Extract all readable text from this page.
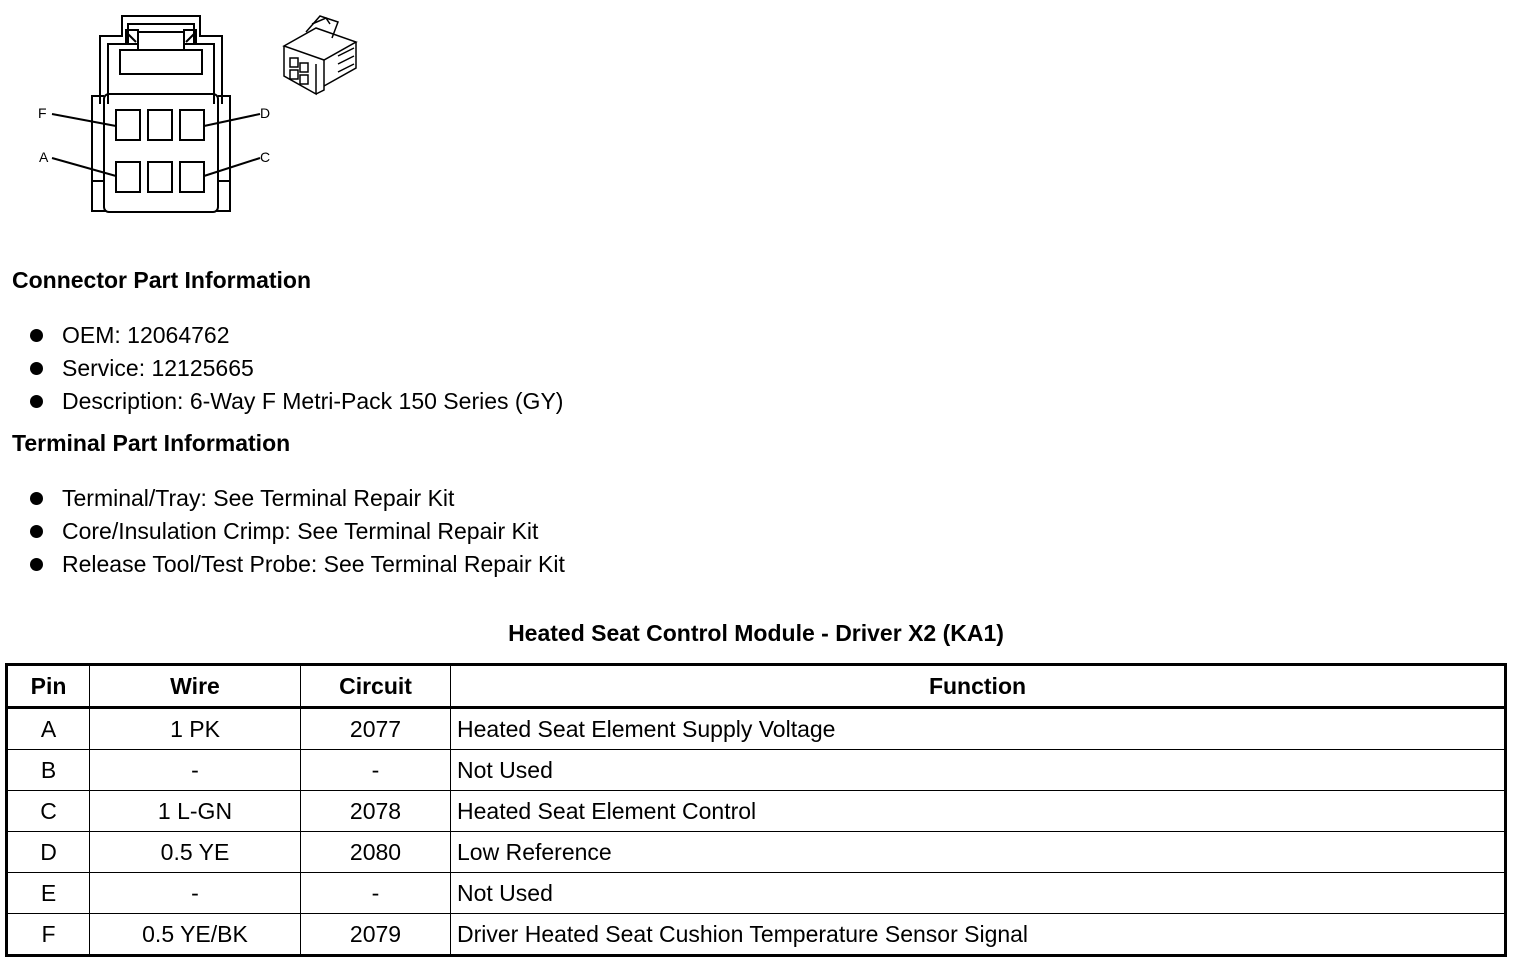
F	D
A	C
Connector Part Information
OEM: 12064762
Service: 12125665
Description: 6-Way F Metri-Pack 150 Series (GY)
Terminal Part Information
Terminal/Tray: See Terminal Repair Kit
Core/Insulation Crimp: See Terminal Repair Kit
Release Tool/Test Probe: See Terminal Repair Kit
Heated Seat Control Module - Driver X2 (KA1)
Pin	Wire	Circuit	Function
A	1 PK	2077	Heated Seat Element Supply Voltage
B	-	-	Not Used
C	1 L-GN	2078	Heated Seat Element Control
D	0.5 YE	2080	Low Reference
E	-	-	Not Used
F	0.5 YE/BK	2079	Driver Heated Seat Cushion Temperature Sensor Signal
